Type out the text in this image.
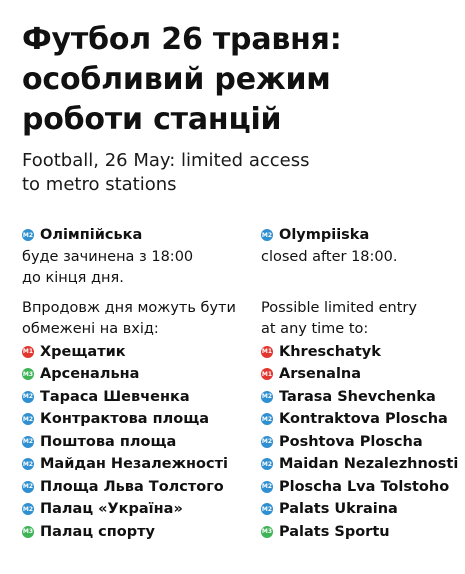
Футбол 26 травня:
особливий режим
роботи станцій
Football, 26 May: limited access
to metro stations
M2 Олімпійська
буде зачинена з 18:00
до кінця дня.
Впродовж дня можуть бути
обмежені на вхід:
M1 Хрещатик
M3 Арсенальна
M2 Тараса Шевченка
M2 Контрактова площа
M2 Поштова площа
M2 Майдан Незалежності
M2 Площа Льва Толстого
M2 Палац «Україна»
M3 Палац спорту
M2 Olympiiska
closed after 18:00.
Possible limited entry
at any time to:
M1 Khreschatyk
M1 Arsenalna
M2 Tarasa Shevchenka
M2 Kontraktova Ploscha
M2 Poshtova Ploscha
M2 Maidan Nezalezhnosti
M2 Ploscha Lva Tolstoho
M2 Palats Ukraina
M3 Palats Sportu
